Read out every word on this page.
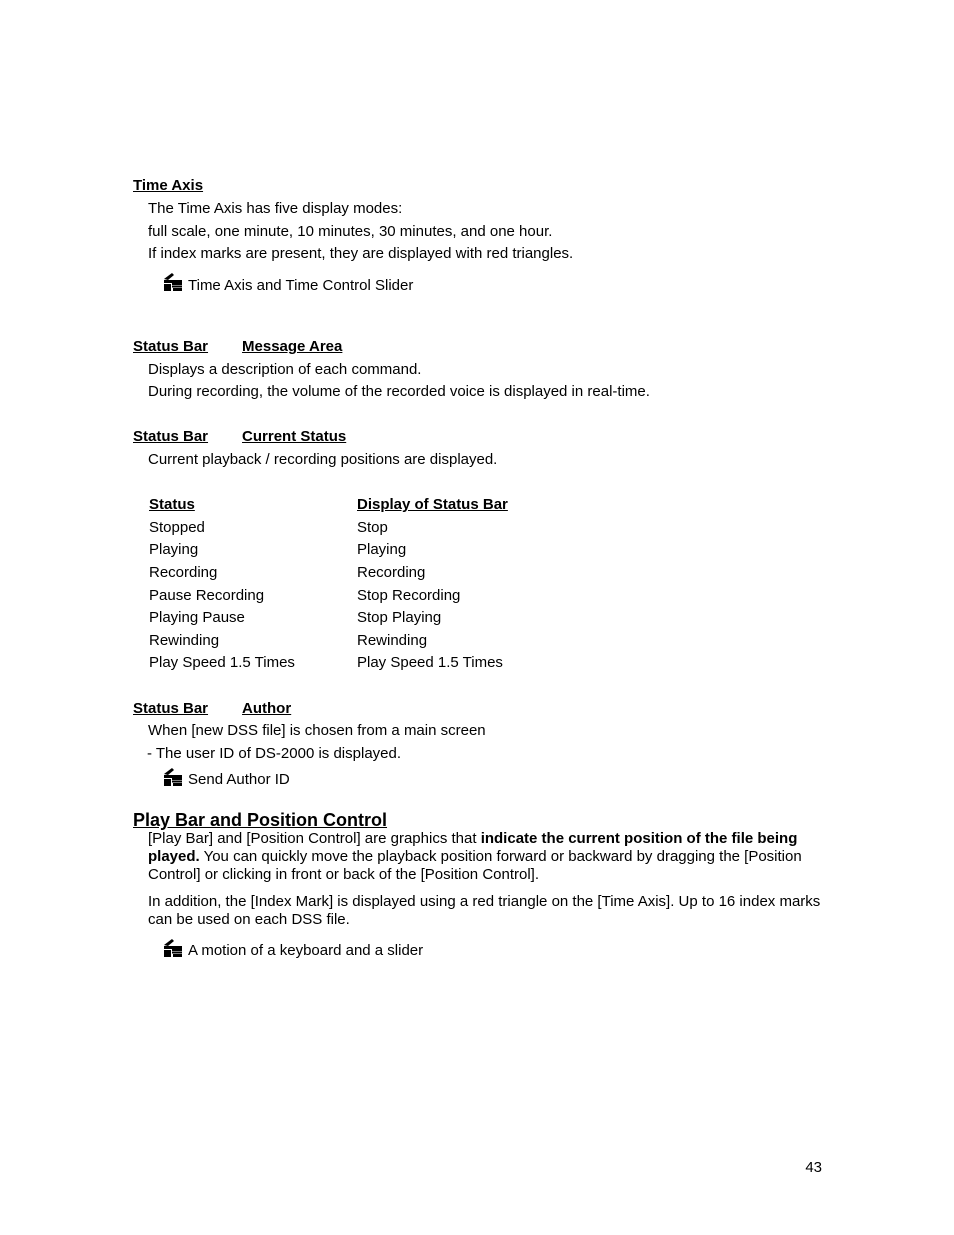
Time Axis
The Time Axis has five display modes:
full scale, one minute, 10 minutes, 30 minutes, and one hour.
If index marks are present, they are displayed with red triangles.
Time Axis and Time Control Slider
Status Bar Message Area
Displays a description of each command.
During recording, the volume of the recorded voice is displayed in real-time.
Status Bar Current Status
Current playback / recording positions are displayed.
Status	Display of Status Bar
Stopped	Stop
Playing	Playing
Recording	Recording
Pause Recording	Stop Recording
Playing Pause	Stop Playing
Rewinding	Rewinding
Play Speed 1.5 Times	Play Speed 1.5 Times
Status Bar Author
When [new DSS file] is chosen from a main screen
- The user ID of DS-2000 is displayed.
Send Author ID
Play Bar and Position Control
[Play Bar] and [Position Control] are graphics that indicate the current position of the file being played. You can quickly move the playback position forward or backward by dragging the [Position Control] or clicking in front or back of the [Position Control].
In addition, the [Index Mark] is displayed using a red triangle on the [Time Axis]. Up to 16 index marks can be used on each DSS file.
A motion of a keyboard and a slider
43
